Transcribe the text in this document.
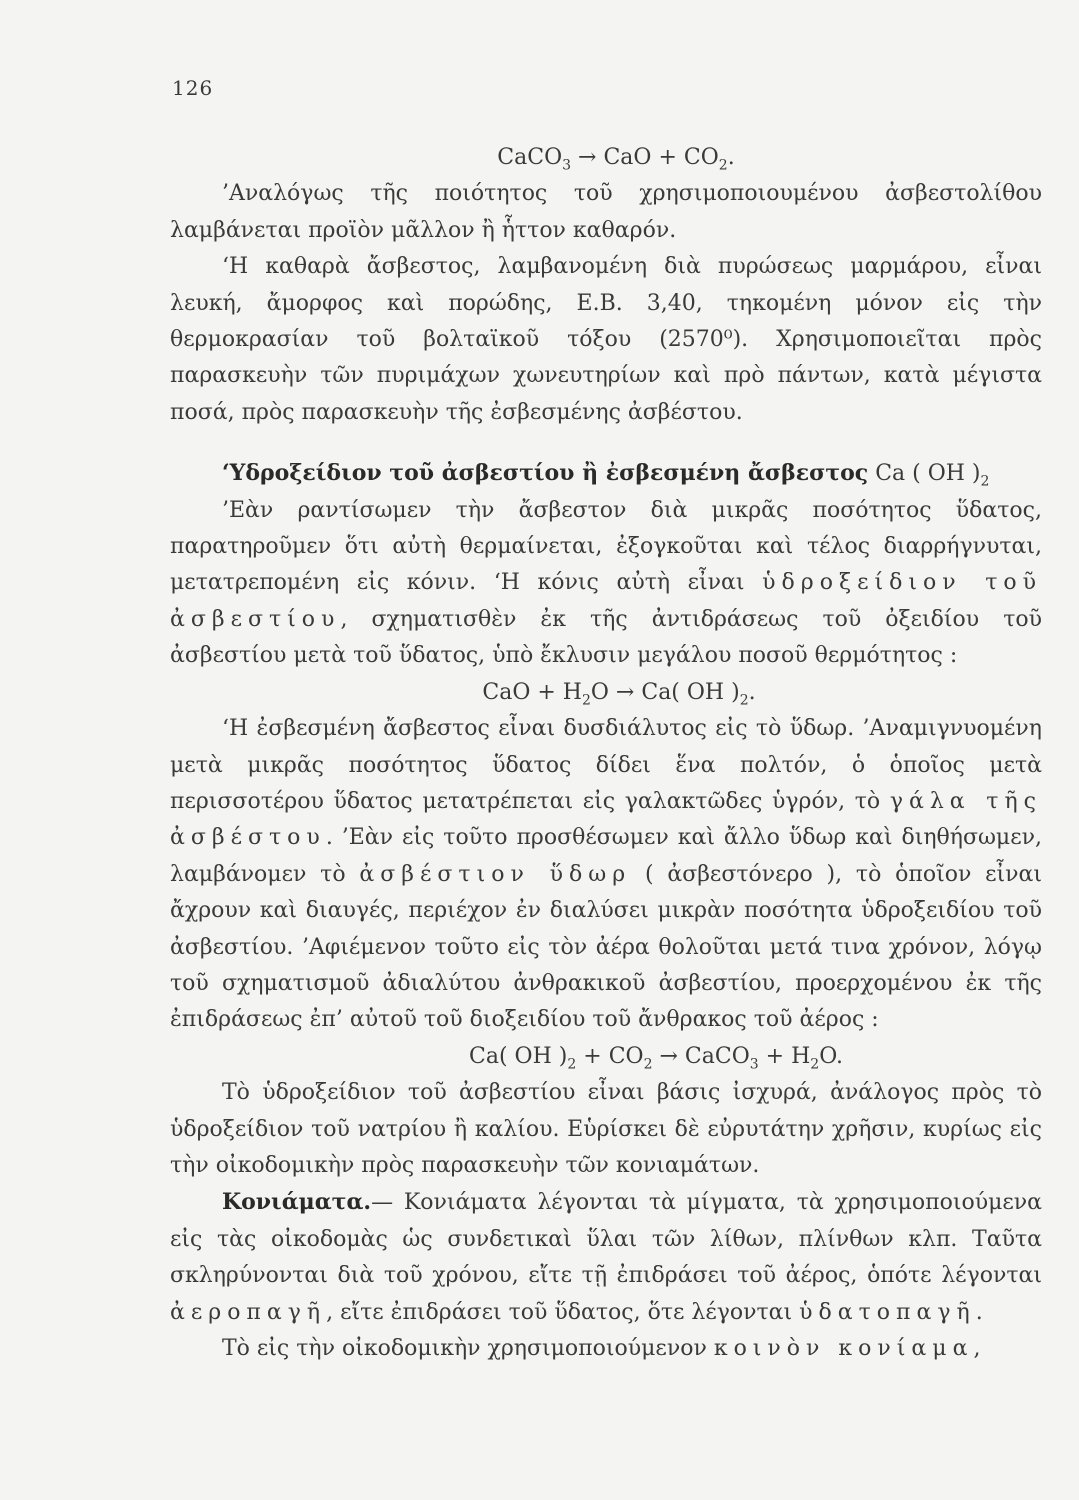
126
CaCO$_3$ → CaO + $CO_2$.
’Αναλόγως τῆς ποιότητος τοῦ χρησιμοποιουμένου ἀσβεστολίθου λαμβάνεται προϊὸν μᾶλλον ἢ ἧττον καθαρόν.
‘Η καθαρὰ ἄσβεστος, λαμβανομένη διὰ πυρώσεως μαρμάρου, εἶναι λευκή, ἄμορφος καὶ πορώδης, Ε.Β. 3,40, τηκομένη μόνον εἰς τὴν θερμοκρασίαν τοῦ βολταϊκοῦ τόξου (2570⁰). Χρησιμοποιεῖται πρὸς παρασκευὴν τῶν πυριμάχων χωνευτηρίων καὶ πρὸ πάντων, κατὰ μέγιστα ποσά, πρὸς παρασκευὴν τῆς ἐσβεσμένης ἀσβέστου.
‘Υδροξείδιον τοῦ ἀσβεστίου ἢ ἐσβεσμένη ἄσβεστος Ca ( OH )$_2$
’Εὰν ραντίσωμεν τὴν ἄσβεστον διὰ μικρᾶς ποσότητος ὕδατος, παρατηροῦμεν ὅτι αὐτὴ θερμαίνεται, ἐξογκοῦται καὶ τέλος διαρρήγνυται, μετατρεπομένη εἰς κόνιν. ‘Η κόνις αὐτὴ εἶναι ὑδροξείδιον τοῦ ἀσβεστίου, σχηματισθὲν ἐκ τῆς ἀντιδράσεως τοῦ ὀξειδίου τοῦ ἀσβεστίου μετὰ τοῦ ὕδατος, ὑπὸ ἔκλυσιν μεγάλου ποσοῦ θερμότητος :
CaO + $H_2O \to Ca$( OH )$_2$.
‘Η ἐσβεσμένη ἄσβεστος εἶναι δυσδιάλυτος εἰς τὸ ὕδωρ. ’Αναμιγνυομένη μετὰ μικρᾶς ποσότητος ὕδατος δίδει ἕνα πολτόν, ὁ ὁποῖος μετὰ περισσοτέρου ὕδατος μετατρέπεται εἰς γαλακτῶδες ὑγρόν, τὸ γάλα τῆς ἀσβέστου. ’Εὰν εἰς τοῦτο προσθέσωμεν καὶ ἄλλο ὕδωρ καὶ διηθήσωμεν, λαμβάνομεν τὸ ἀσβέστιον ὕδωρ ( ἀσβεστόνερο ), τὸ ὁποῖον εἶναι ἄχρουν καὶ διαυγές, περιέχον ἐν διαλύσει μικρὰν ποσότητα ὑδροξειδίου τοῦ ἀσβεστίου. ’Αφιέμενον τοῦτο εἰς τὸν ἀέρα θολοῦται μετά τινα χρόνον, λόγῳ τοῦ σχηματισμοῦ ἀδιαλύτου ἀνθρακικοῦ ἀσβεστίου, προερχομένου ἐκ τῆς ἐπιδράσεως ἐπ’ αὐτοῦ τοῦ διοξειδίου τοῦ ἄνθρακος τοῦ ἀέρος :
Ca( OH )$_2 + CO_2$ → CaCO$_3$ + $H_2O$.
Τὸ ὑδροξείδιον τοῦ ἀσβεστίου εἶναι βάσις ἰσχυρά, ἀνάλογος πρὸς τὸ ὑδροξείδιον τοῦ νατρίου ἢ καλίου. Εὑρίσκει δὲ εὐρυτάτην χρῆσιν, κυρίως εἰς τὴν οἰκοδομικὴν πρὸς παρασκευὴν τῶν κονιαμάτων.
Κονιάματα.— Κονιάματα λέγονται τὰ μίγματα, τὰ χρησιμοποιούμενα εἰς τὰς οἰκοδομὰς ὡς συνδετικαὶ ὕλαι τῶν λίθων, πλίνθων κλπ. Ταῦτα σκληρύνονται διὰ τοῦ χρόνου, εἴτε τῇ ἐπιδράσει τοῦ ἀέρος, ὁπότε λέγονται ἀεροπαγῆ, εἴτε ἐπιδράσει τοῦ ὕδατος, ὅτε λέγονται ὑδατοπαγῆ.
Τὸ εἰς τὴν οἰκοδομικὴν χρησιμοποιούμενον κοινὸν κονίαμα,
